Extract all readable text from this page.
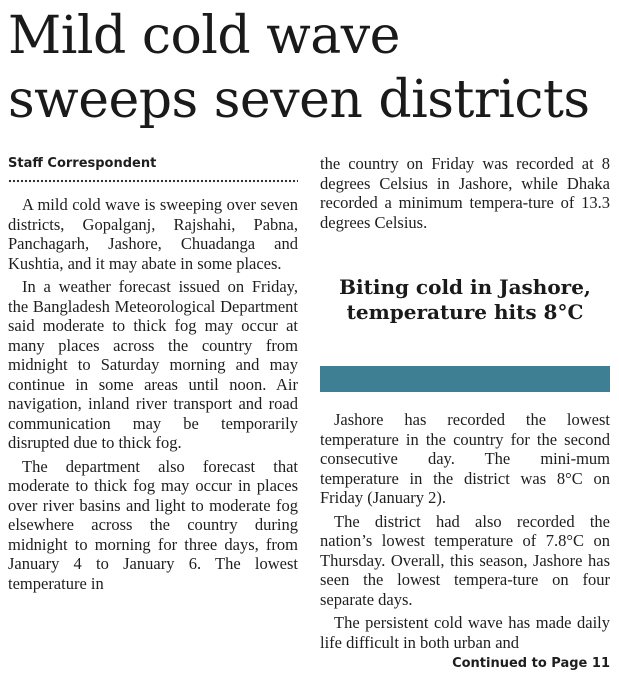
Mild cold wave
sweeps seven districts

Staff Correspondent

A mild cold wave is sweeping over seven districts, Gopalganj, Rajshahi, Pabna, Panchagarh, Jashore, Chuadanga and Kushtia, and it may abate in some places.

In a weather forecast issued on Friday, the Bangladesh Meteorological Department said moderate to thick fog may occur at many places across the country from midnight to Saturday morning and may continue in some areas until noon. Air navigation, inland river transport and road communication may be temporarily disrupted due to thick fog.

The department also forecast that moderate to thick fog may occur in places over river basins and light to moderate fog elsewhere across the country during midnight to morning for three days, from January 4 to January 6. The lowest temperature in

the country on Friday was recorded at 8 degrees Celsius in Jashore, while Dhaka recorded a minimum tempera-ture of 13.3 degrees Celsius.

Biting cold in Jashore,
temperature hits 8°C

Jashore has recorded the lowest temperature in the country for the second consecutive day. The mini-mum temperature in the district was 8°C on Friday (January 2).

The district had also recorded the nation’s lowest temperature of 7.8°C on Thursday. Overall, this season, Jashore has seen the lowest tempera-ture on four separate days.

The persistent cold wave has made daily life difficult in both urban and

Continued to Page 11
